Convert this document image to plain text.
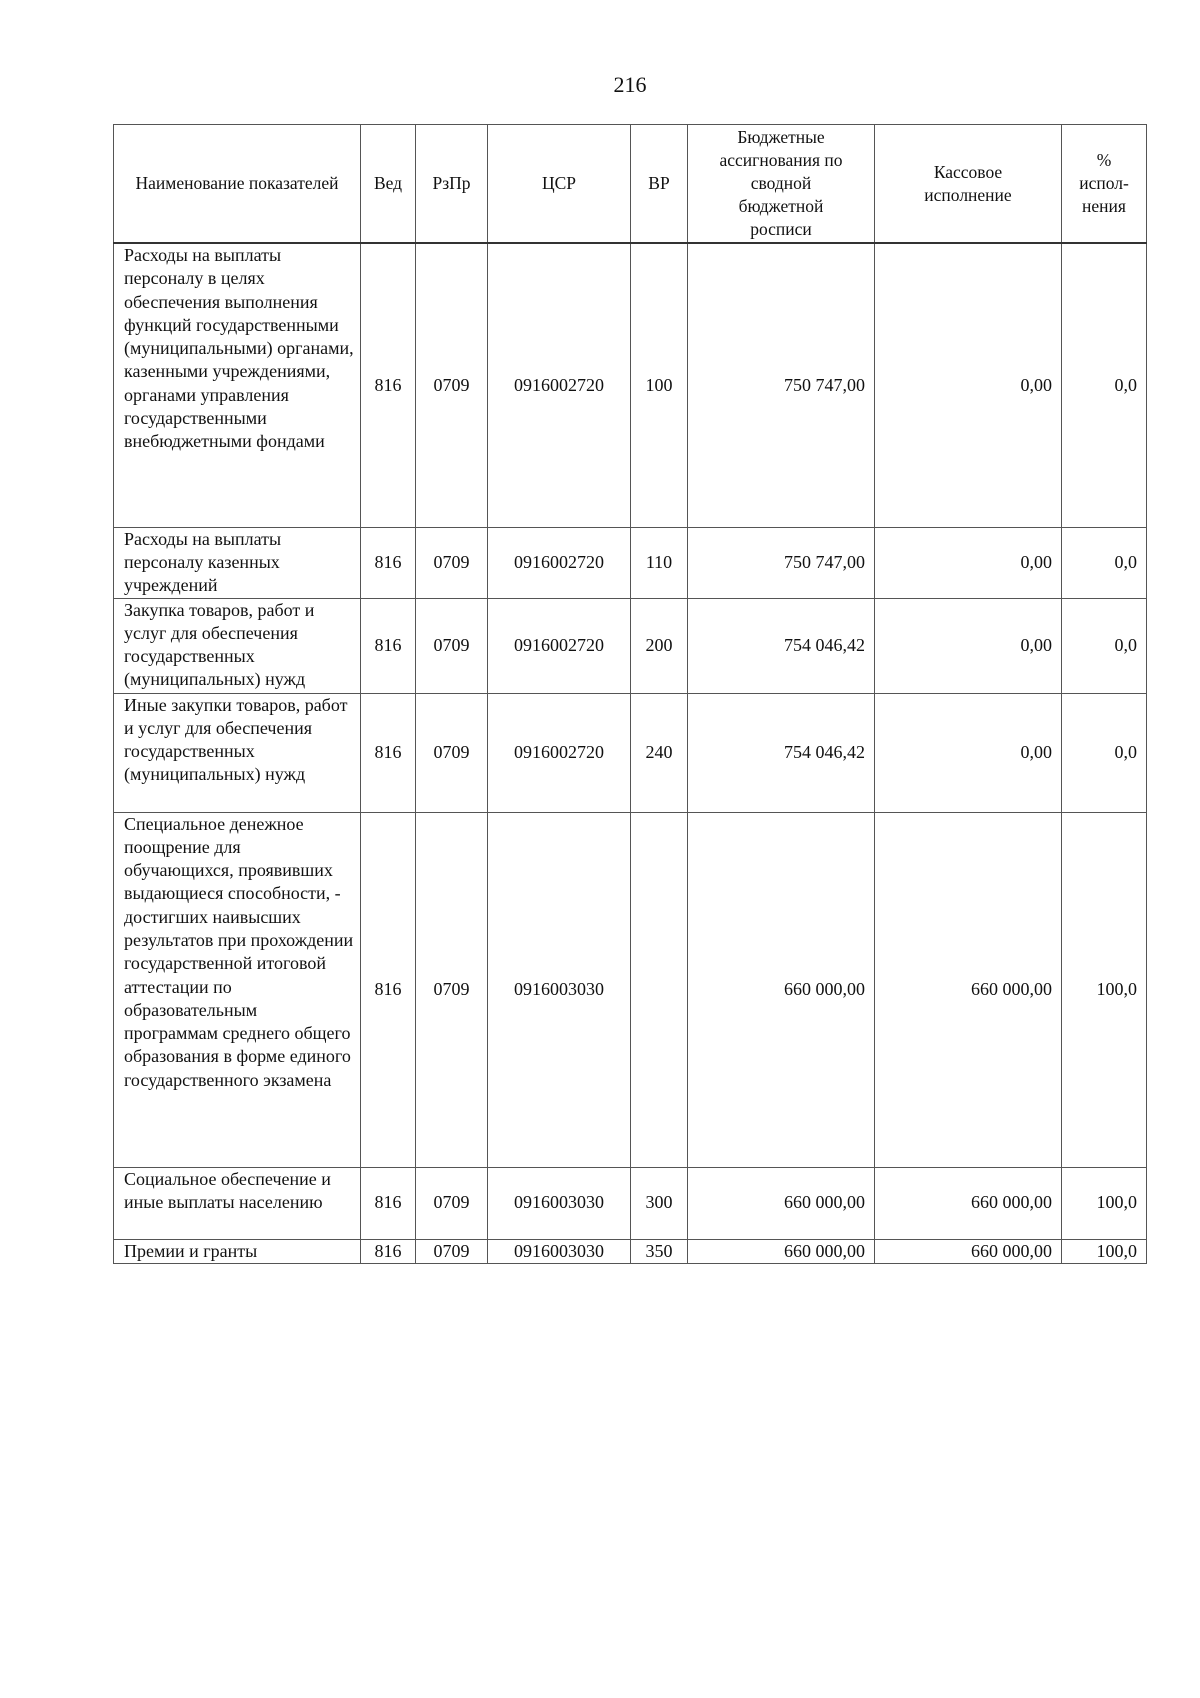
216
Наименование показателей	Вед	РзПр	ЦСР	ВР	Бюджетные ассигнования по сводной бюджетной росписи	Кассовое исполнение	% испол-нения
Расходы на выплаты персоналу в целях обеспечения выполнения функций государственными (муниципальными) органами, казенными учреждениями, органами управления государственными внебюджетными фондами	816	0709	0916002720	100	750 747,00	0,00	0,0
Расходы на выплаты персоналу казенных учреждений	816	0709	0916002720	110	750 747,00	0,00	0,0
Закупка товаров, работ и услуг для обеспечения государственных (муниципальных) нужд	816	0709	0916002720	200	754 046,42	0,00	0,0
Иные закупки товаров, работ и услуг для обеспечения государственных (муниципальных) нужд	816	0709	0916002720	240	754 046,42	0,00	0,0
Специальное денежное поощрение для обучающихся, проявивших выдающиеся способности, - достигших наивысших результатов при прохождении государственной итоговой аттестации по образовательным программам среднего общего образования в форме единого государственного экзамена	816	0709	0916003030		660 000,00	660 000,00	100,0
Социальное обеспечение и иные выплаты населению	816	0709	0916003030	300	660 000,00	660 000,00	100,0
Премии и гранты	816	0709	0916003030	350	660 000,00	660 000,00	100,0
